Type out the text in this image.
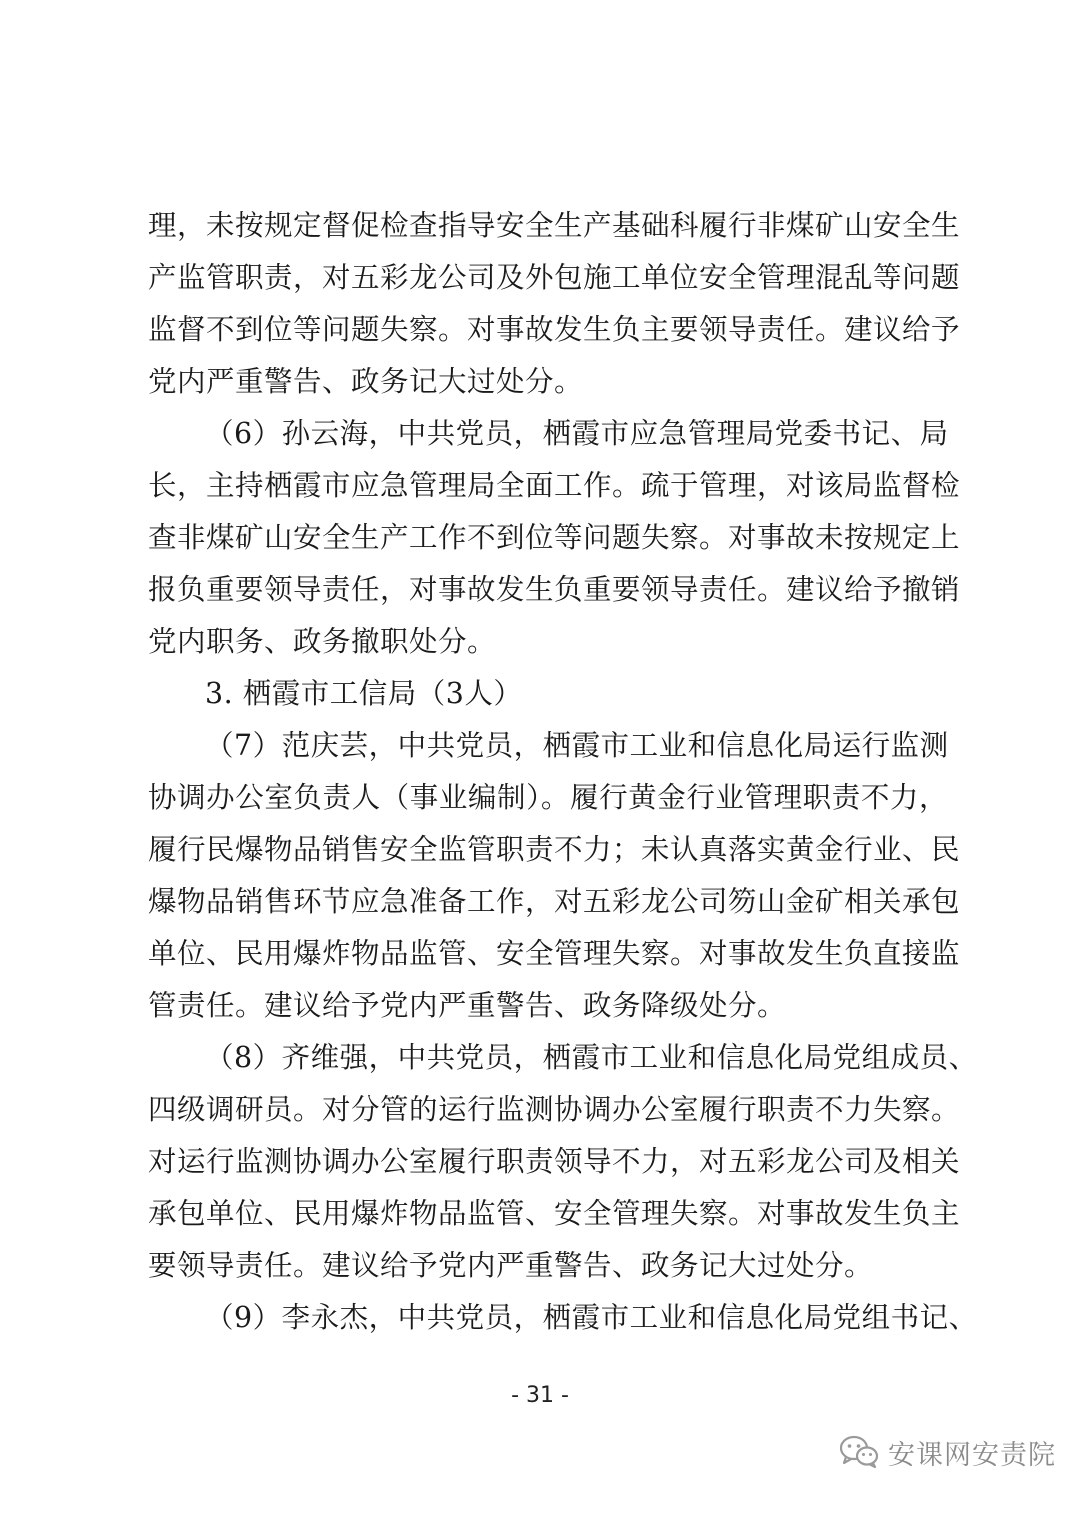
理，未按规定督促检查指导安全生产基础科履行非煤矿山安全生
产监管职责，对五彩龙公司及外包施工单位安全管理混乱等问题
监督不到位等问题失察。对事故发生负主要领导责任。建议给予
党内严重警告、政务记大过处分。
（6）孙云海，中共党员，栖霞市应急管理局党委书记、局
长，主持栖霞市应急管理局全面工作。疏于管理，对该局监督检
查非煤矿山安全生产工作不到位等问题失察。对事故未按规定上
报负重要领导责任，对事故发生负重要领导责任。建议给予撤销
党内职务、政务撤职处分。
3. 栖霞市工信局（3人）
（7）范庆芸，中共党员，栖霞市工业和信息化局运行监测
协调办公室负责人（事业编制）。履行黄金行业管理职责不力，
履行民爆物品销售安全监管职责不力；未认真落实黄金行业、民
爆物品销售环节应急准备工作，对五彩龙公司笏山金矿相关承包
单位、民用爆炸物品监管、安全管理失察。对事故发生负直接监
管责任。建议给予党内严重警告、政务降级处分。
（8）齐维强，中共党员，栖霞市工业和信息化局党组成员、
四级调研员。对分管的运行监测协调办公室履行职责不力失察。
对运行监测协调办公室履行职责领导不力，对五彩龙公司及相关
承包单位、民用爆炸物品监管、安全管理失察。对事故发生负主
要领导责任。建议给予党内严重警告、政务记大过处分。
（9）李永杰，中共党员，栖霞市工业和信息化局党组书记、
- 31 -
安课网安责院
